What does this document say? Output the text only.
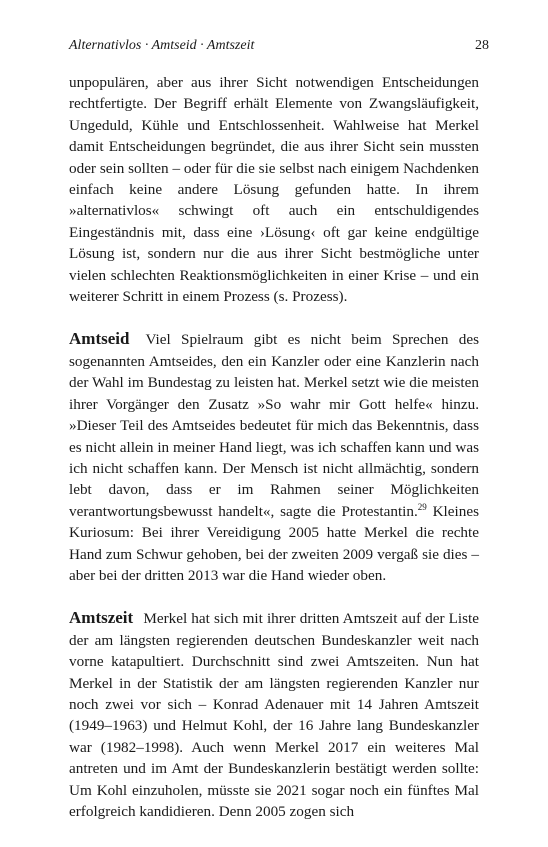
Alternativlos · Amtseid · Amtszeit	28

unpopulären, aber aus ihrer Sicht notwendigen Entscheidungen rechtfertigte. Der Begriff erhält Elemente von Zwangsläufigkeit, Ungeduld, Kühle und Entschlossenheit. Wahlweise hat Merkel damit Entscheidungen begründet, die aus ihrer Sicht sein mussten oder sein sollten – oder für die sie selbst nach einigem Nachdenken einfach keine andere Lösung gefunden hatte. In ihrem »alternativlos« schwingt oft auch ein entschuldigendes Eingeständnis mit, dass eine ›Lösung‹ oft gar keine endgültige Lösung ist, sondern nur die aus ihrer Sicht bestmögliche unter vielen schlechten Reaktionsmöglichkeiten in einer Krise – und ein weiterer Schritt in einem Prozess (s. Prozess).

Amtseid Viel Spielraum gibt es nicht beim Sprechen des sogenannten Amtseides, den ein Kanzler oder eine Kanzlerin nach der Wahl im Bundestag zu leisten hat. Merkel setzt wie die meisten ihrer Vorgänger den Zusatz »So wahr mir Gott helfe« hinzu. »Dieser Teil des Amtseides bedeutet für mich das Bekenntnis, dass es nicht allein in meiner Hand liegt, was ich schaffen kann und was ich nicht schaffen kann. Der Mensch ist nicht allmächtig, sondern lebt davon, dass er im Rahmen seiner Möglichkeiten verantwortungsbewusst handelt«, sagte die Protestantin.$^{29}$ Kleines Kuriosum: Bei ihrer Vereidigung 2005 hatte Merkel die rechte Hand zum Schwur gehoben, bei der zweiten 2009 vergaß sie dies – aber bei der dritten 2013 war die Hand wieder oben.

Amtszeit Merkel hat sich mit ihrer dritten Amtszeit auf der Liste der am längsten regierenden deutschen Bundeskanzler weit nach vorne katapultiert. Durchschnitt sind zwei Amtszeiten. Nun hat Merkel in der Statistik der am längsten regierenden Kanzler nur noch zwei vor sich – Konrad Adenauer mit 14 Jahren Amtszeit (1949–1963) und Helmut Kohl, der 16 Jahre lang Bundeskanzler war (1982–1998). Auch wenn Merkel 2017 ein weiteres Mal antreten und im Amt der Bundeskanzlerin bestätigt werden sollte: Um Kohl einzuholen, müsste sie 2021 sogar noch ein fünftes Mal erfolgreich kandidieren. Denn 2005 zogen sich
